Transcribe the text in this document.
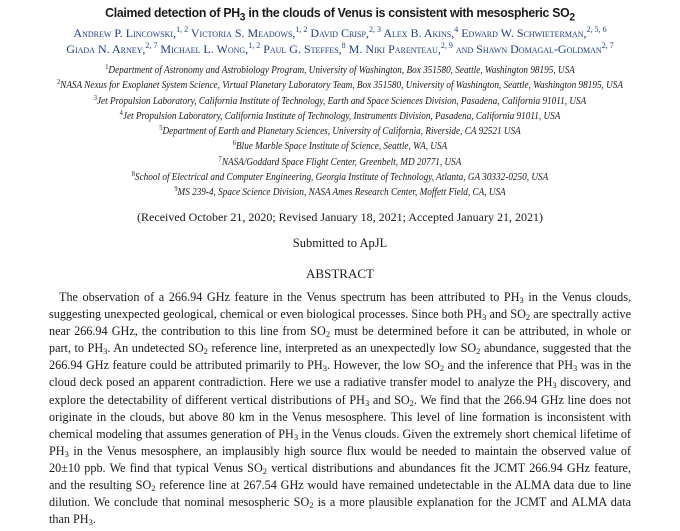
Claimed detection of $PH_3$ in the clouds of Venus is consistent with mesospheric $SO_2$
Andrew P. Lincowski,$^{1, 2}$ Victoria S. Meadows,$^{1, 2}$ David Crisp,$^{2, 3}$ Alex B. Akins,$^4$ Edward W. Schwieterman,$^{2, 5, 6}$
Giada N. Arney,$^{2, 7}$ Michael L. Wong,$^{1, 2}$ Paul G. Steffes,$^8$ M. Niki Parenteau,$^{2, 9}$ and Shawn Domagal-Goldman$^{2, 7}$
$^1$Department of Astronomy and Astrobiology Program, University of Washington, Box 351580, Seattle, Washington 98195, USA
$^2$NASA Nexus for Exoplanet System Science, Virtual Planetary Laboratory Team, Box 351580, University of Washington, Seattle, Washington 98195, USA
$^3$Jet Propulsion Laboratory, California Institute of Technology, Earth and Space Sciences Division, Pasadena, California 91011, USA
$^4$Jet Propulsion Laboratory, California Institute of Technology, Instruments Division, Pasadena, California 91011, USA
$^5$Department of Earth and Planetary Sciences, University of California, Riverside, CA 92521 USA
$^6$Blue Marble Space Institute of Science, Seattle, WA, USA
$^7$NASA/Goddard Space Flight Center, Greenbelt, MD 20771, USA
$^8$School of Electrical and Computer Engineering, Georgia Institute of Technology, Atlanta, GA 30332-0250, USA
$^9$MS 239-4, Space Science Division, NASA Ames Research Center, Moffett Field, CA, USA
(Received October 21, 2020; Revised January 18, 2021; Accepted January 21, 2021)
Submitted to ApJL
ABSTRACT
The observation of a 266.94 GHz feature in the Venus spectrum has been attributed to $PH_3$ in the Venus clouds, suggesting unexpected geological, chemical or even biological processes. Since both $PH_3$ and $SO_2$ are spectrally active near 266.94 GHz, the contribution to this line from $SO_2$ must be determined before it can be attributed, in whole or part, to $PH_3$. An undetected $SO_2$ reference line, interpreted as an unexpectedly low $SO_2$ abundance, suggested that the 266.94 GHz feature could be attributed primarily to $PH_3$. However, the low $SO_2$ and the inference that $PH_3$ was in the cloud deck posed an apparent contradiction. Here we use a radiative transfer model to analyze the $PH_3$ discovery, and explore the detectability of different vertical distributions of $PH_3$ and $SO_2$. We find that the 266.94 GHz line does not originate in the clouds, but above 80 km in the Venus mesosphere. This level of line formation is inconsistent with chemical modeling that assumes generation of $PH_3$ in the Venus clouds. Given the extremely short chemical lifetime of $PH_3$ in the Venus mesosphere, an implausibly high source flux would be needed to maintain the observed value of 20±10 ppb. We find that typical Venus $SO_2$ vertical distributions and abundances fit the JCMT 266.94 GHz feature, and the resulting $SO_2$ reference line at 267.54 GHz would have remained undetectable in the ALMA data due to line dilution. We conclude that nominal mesospheric $SO_2$ is a more plausible explanation for the JCMT and ALMA data than $PH_3$.
